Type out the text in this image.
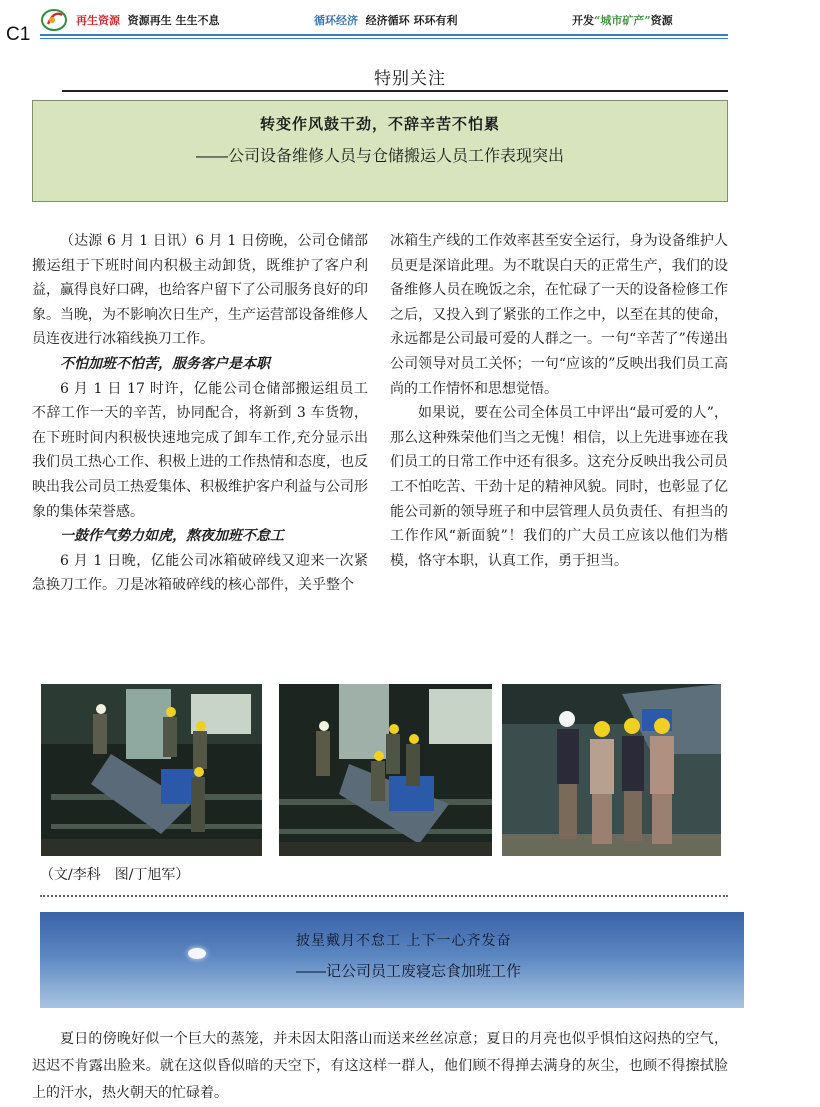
C1
再生资源 资源再生 生生不息	循环经济 经济循环 环环有利	开发“城市矿产”资源
特别关注
转变作风鼓干劲，不辞辛苦不怕累
——公司设备维修人员与仓储搬运人员工作表现突出

（达源 6 月 1 日讯）6 月 1 日傍晚，公司仓储部搬运组于下班时间内积极主动卸货，既维护了客户利益，赢得良好口碑，也给客户留下了公司服务良好的印象。当晚，为不影响次日生产，生产运营部设备维修人员连夜进行冰箱线换刀工作。

不怕加班不怕苦，服务客户是本职

6 月 1 日 17 时许，亿能公司仓储部搬运组员工不辞工作一天的辛苦，协同配合，将新到 3 车货物，在下班时间内积极快速地完成了卸车工作,充分显示出我们员工热心工作、积极上进的工作热情和态度，也反映出我公司员工热爱集体、积极维护客户利益与公司形象的集体荣誉感。

一鼓作气势力如虎，熬夜加班不怠工

6 月 1 日晚，亿能公司冰箱破碎线又迎来一次紧急换刀工作。刀是冰箱破碎线的核心部件，关乎整个

冰箱生产线的工作效率甚至安全运行，身为设备维护人员更是深谙此理。为不耽误白天的正常生产，我们的设备维修人员在晚饭之余，在忙碌了一天的设备检修工作之后，又投入到了紧张的工作之中，以至在其的使命，永远都是公司最可爱的人群之一。一句“辛苦了”传递出公司领导对员工关怀；一句“应该的”反映出我们员工高尚的工作情怀和思想觉悟。

如果说，要在公司全体员工中评出“最可爱的人”，那么这种殊荣他们当之无愧！相信，以上先进事迹在我们员工的日常工作中还有很多。这充分反映出我公司员工不怕吃苦、干劲十足的精神风貌。同时，也彰显了亿能公司新的领导班子和中层管理人员负责任、有担当的工作作风“新面貌”！我们的广大员工应该以他们为楷模，恪守本职，认真工作，勇于担当。

（文/李科　图/丁旭军）
披星戴月不怠工 上下一心齐发奋
——记公司员工废寝忘食加班工作
夏日的傍晚好似一个巨大的蒸笼，并未因太阳落山而送来丝丝凉意；夏日的月亮也似乎惧怕这闷热的空气，迟迟不肯露出脸来。就在这似昏似暗的天空下，有这这样一群人，他们顾不得掸去满身的灰尘，也顾不得擦拭脸上的汗水，热火朝天的忙碌着。
